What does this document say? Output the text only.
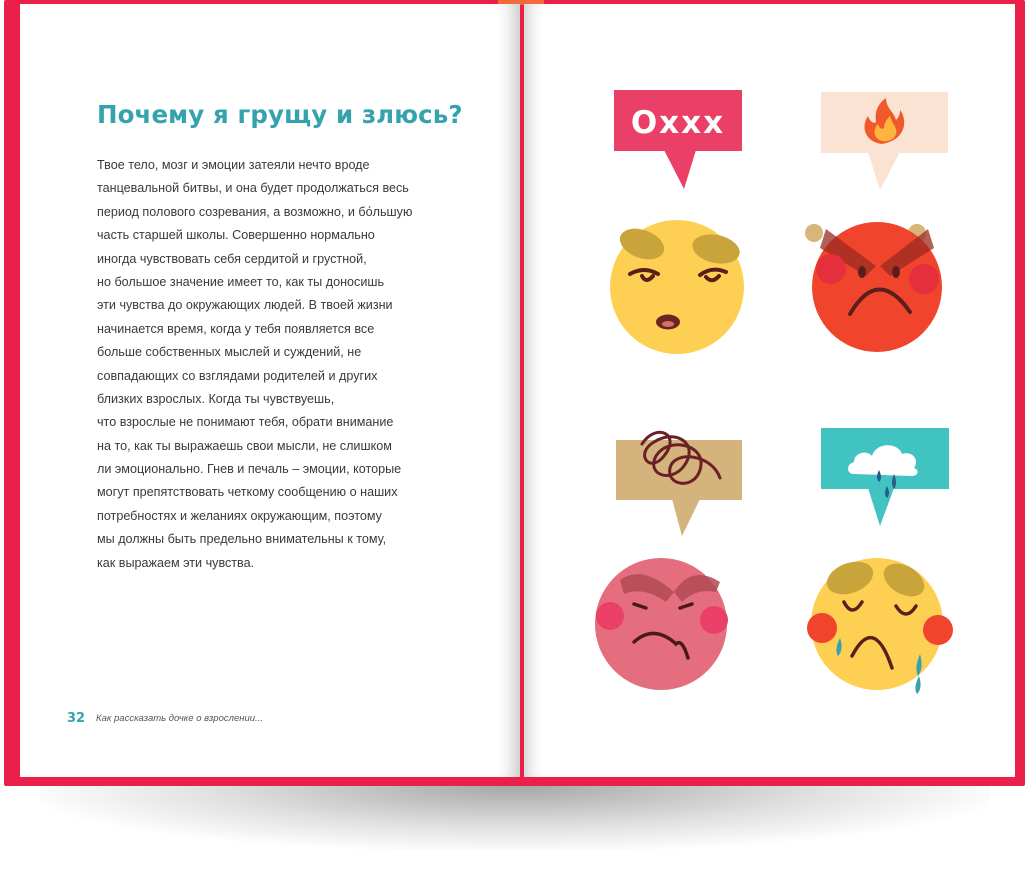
Почему я грущу и злюсь?
Твое тело, мозг и эмоции затеяли нечто вроде
танцевальной битвы, и она будет продолжаться весь
период полового созревания, а возможно, и бо́льшую
часть старшей школы. Совершенно нормально
иногда чувствовать себя сердитой и грустной,
но большое значение имеет то, как ты доносишь
эти чувства до окружающих людей. В твоей жизни
начинается время, когда у тебя появляется все
больше собственных мыслей и суждений, не
совпадающих со взглядами родителей и других
близких взрослых. Когда ты чувствуешь,
что взрослые не понимают тебя, обрати внимание
на то, как ты выражаешь свои мысли, не слишком
ли эмоционально. Гнев и печаль – эмоции, которые
могут препятствовать четкому сообщению о наших
потребностях и желаниях окружающим, поэтому
мы должны быть предельно внимательны к тому,
как выражаем эти чувства.
32 Как рассказать дочке о взрослении...
Oxxx
